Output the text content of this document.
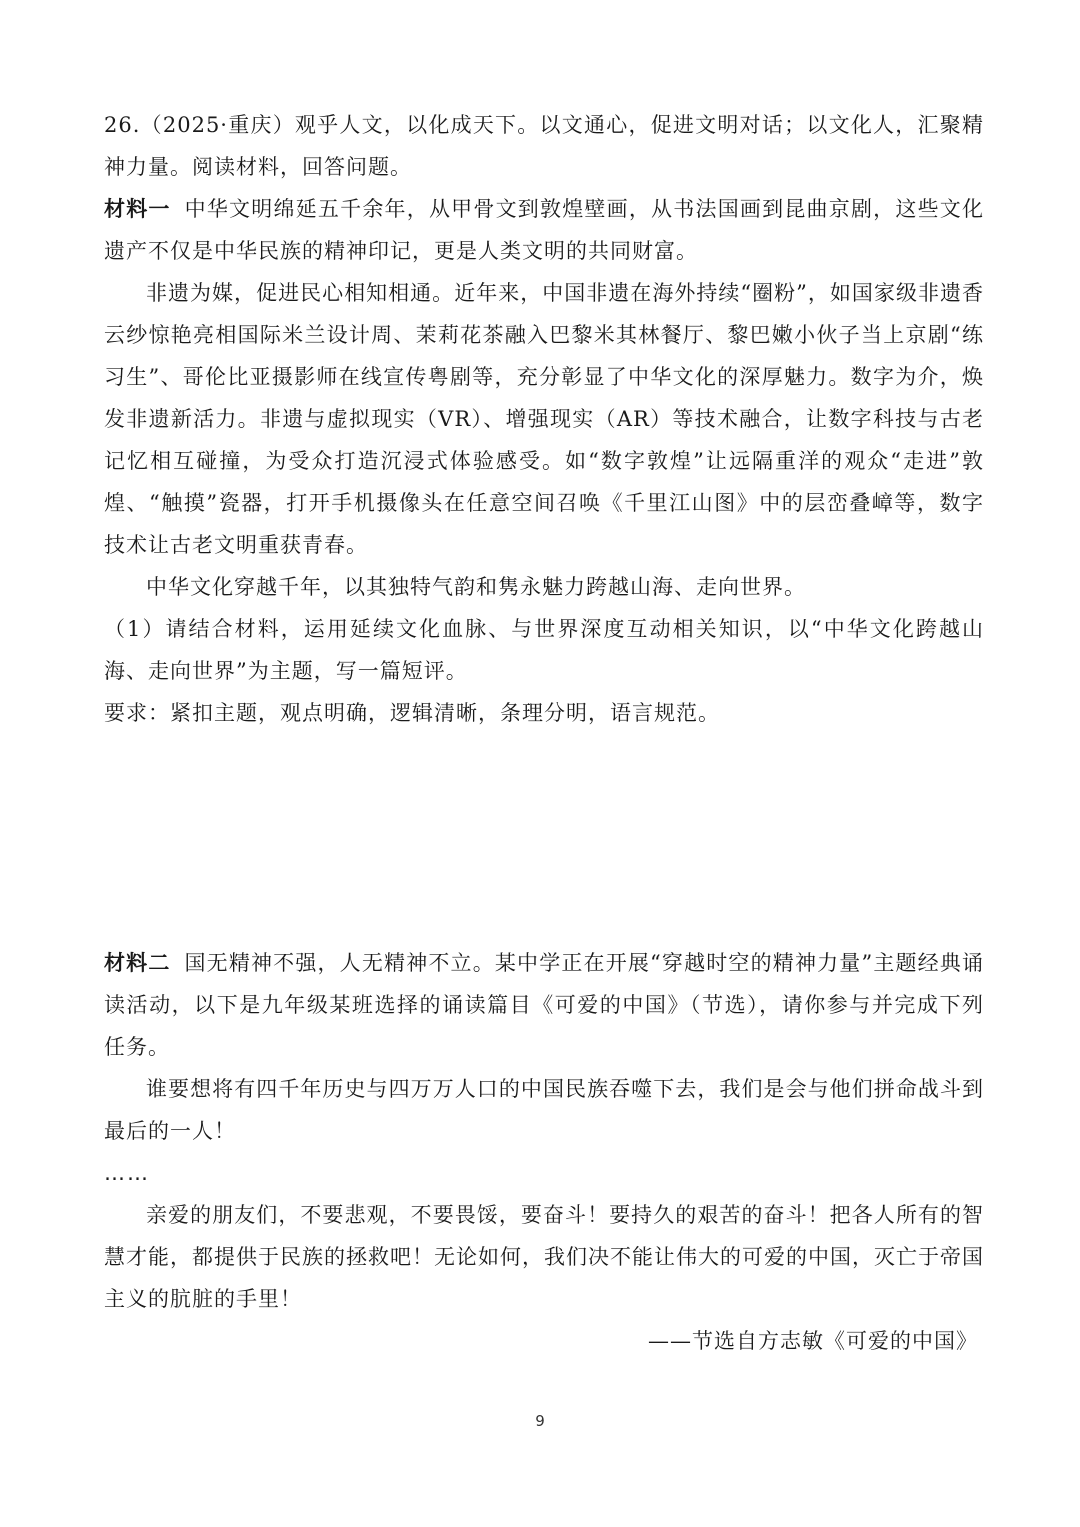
26.（2025·重庆）观乎人文，以化成天下。以文通心，促进文明对话；以文化人，汇聚精神力量。阅读材料，回答问题。

材料一 中华文明绵延五千余年，从甲骨文到敦煌壁画，从书法国画到昆曲京剧，这些文化遗产不仅是中华民族的精神印记，更是人类文明的共同财富。

非遗为媒，促进民心相知相通。近年来，中国非遗在海外持续“圈粉”，如国家级非遗香云纱惊艳亮相国际米兰设计周、茉莉花茶融入巴黎米其林餐厅、黎巴嫩小伙子当上京剧“练习生”、哥伦比亚摄影师在线宣传粤剧等，充分彰显了中华文化的深厚魅力。数字为介，焕发非遗新活力。非遗与虚拟现实（VR）、增强现实（AR）等技术融合，让数字科技与古老记忆相互碰撞，为受众打造沉浸式体验感受。如“数字敦煌”让远隔重洋的观众“走进”敦煌、“触摸”瓷器，打开手机摄像头在任意空间召唤《千里江山图》中的层峦叠嶂等，数字技术让古老文明重获青春。

中华文化穿越千年，以其独特气韵和隽永魅力跨越山海、走向世界。

（1）请结合材料，运用延续文化血脉、与世界深度互动相关知识，以“中华文化跨越山海、走向世界”为主题，写一篇短评。

要求：紧扣主题，观点明确，逻辑清晰，条理分明，语言规范。

材料二 国无精神不强，人无精神不立。某中学正在开展“穿越时空的精神力量”主题经典诵读活动，以下是九年级某班选择的诵读篇目《可爱的中国》（节选），请你参与并完成下列任务。

谁要想将有四千年历史与四万万人口的中国民族吞噬下去，我们是会与他们拼命战斗到最后的一人！

……

亲爱的朋友们，不要悲观，不要畏馁，要奋斗！要持久的艰苦的奋斗！把各人所有的智慧才能，都提供于民族的拯救吧！无论如何，我们决不能让伟大的可爱的中国，灭亡于帝国主义的肮脏的手里！

——节选自方志敏《可爱的中国》

9
